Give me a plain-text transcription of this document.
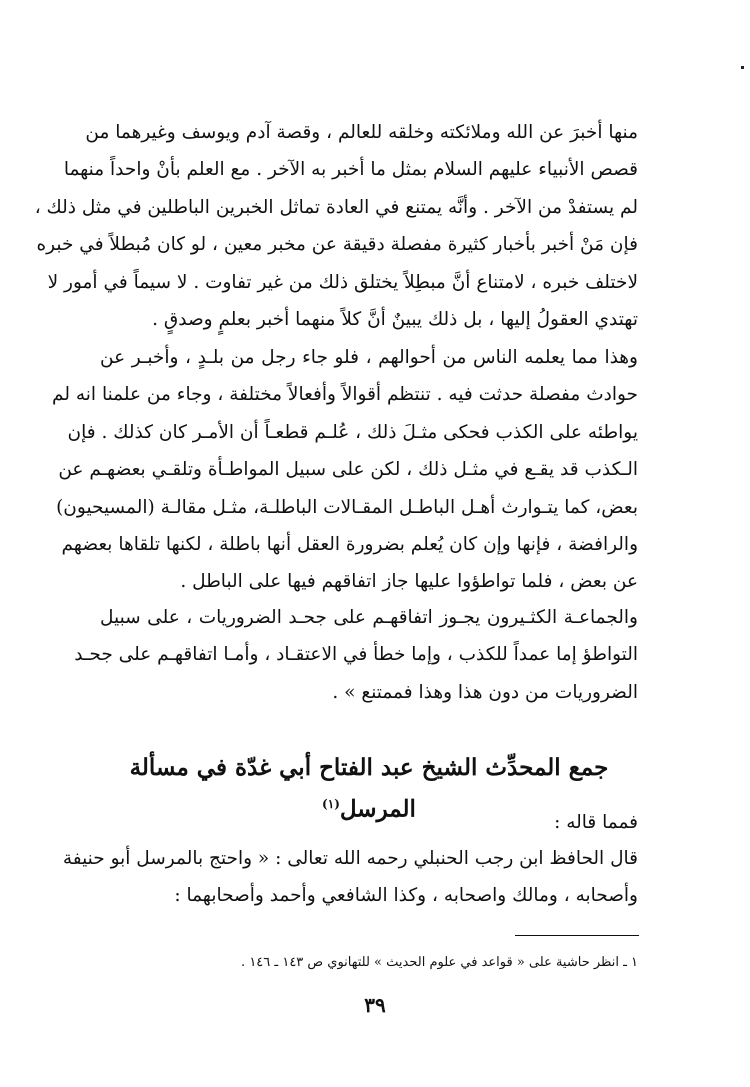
منها أخبرَ عن الله وملائكته وخلقه للعالم ، وقصة آدم ويوسف وغيرهما من
قصص الأنبياء عليهم السلام بمثل ما أخبر به الآخر . مع العلم بأنْ واحداً منهما
لم يستفدْ من الآخر . وأنَّه يمتنع في العادة تماثل الخبرين الباطلين في مثل ذلك ،
فإن مَنْ أخبر بأخبار كثيرة مفصلة دقيقة عن مخبر معين ، لو كان مُبطلاً في خبره
لاختلف خبره ، لامتناع أنَّ مبطِلاً يختلق ذلك من غير تفاوت . لا سيماً في أمور لا
تهتدي العقولُ إليها ، بل ذلك يبينٌ أنَّ كلاً منهما أخبر بعلمٍ وصدقٍ .
وهذا مما يعلمه الناس من أحوالهم ، فلو جاء رجل من بلـدٍ ، وأخبـر عن
حوادث مفصلة حدثت فيه . تنتظم أقوالاً وأفعالاً مختلفة ، وجاء من علمنا انه لم
يواطئه على الكذب فحكى مثـلَ ذلك ، عُلـم قطعـاً أن الأمـر كان كذلك . فإن
الـكذب قد يقـع في مثـل ذلك ، لكن على سبيل المواطـأة وتلقـي بعضهـم عن
بعض، كما يتـوارث أهـل الباطـل المقـالات الباطلـة، مثـل مقالـة (المسيحيون)
والرافضة ، فإنها وإن كان يُعلم بضرورة العقل أنها باطلة ، لكنها تلقاها بعضهم
عن بعض ، فلما تواطؤوا عليها جاز اتفاقهم فيها على الباطل .
والجماعـة الكثـيرون يجـوز اتفاقهـم على جحـد الضروريات ، على سبيل
التواطؤ إما عمداً للكذب ، وإما خطأ في الاعتقـاد ، وأمـا اتفاقهـم على جحـد
الضروريات من دون هذا وهذا فممتنع » .
جمع المحدِّث الشيخ عبد الفتاح أبي غدّة في مسألة المرسل$^{(١)}$
فمما قاله :
قال الحافظ ابن رجب الحنبلي رحمه الله تعالى : « واحتج بالمرسل أبو حنيفة
وأصحابه ، ومالك واصحابه ، وكذا الشافعي وأحمد وأصحابهما :
١ ـ انظر حاشية على « قواعد في علوم الحديث » للتهانوي ص ١٤٣ ـ ١٤٦ .
٣٩
